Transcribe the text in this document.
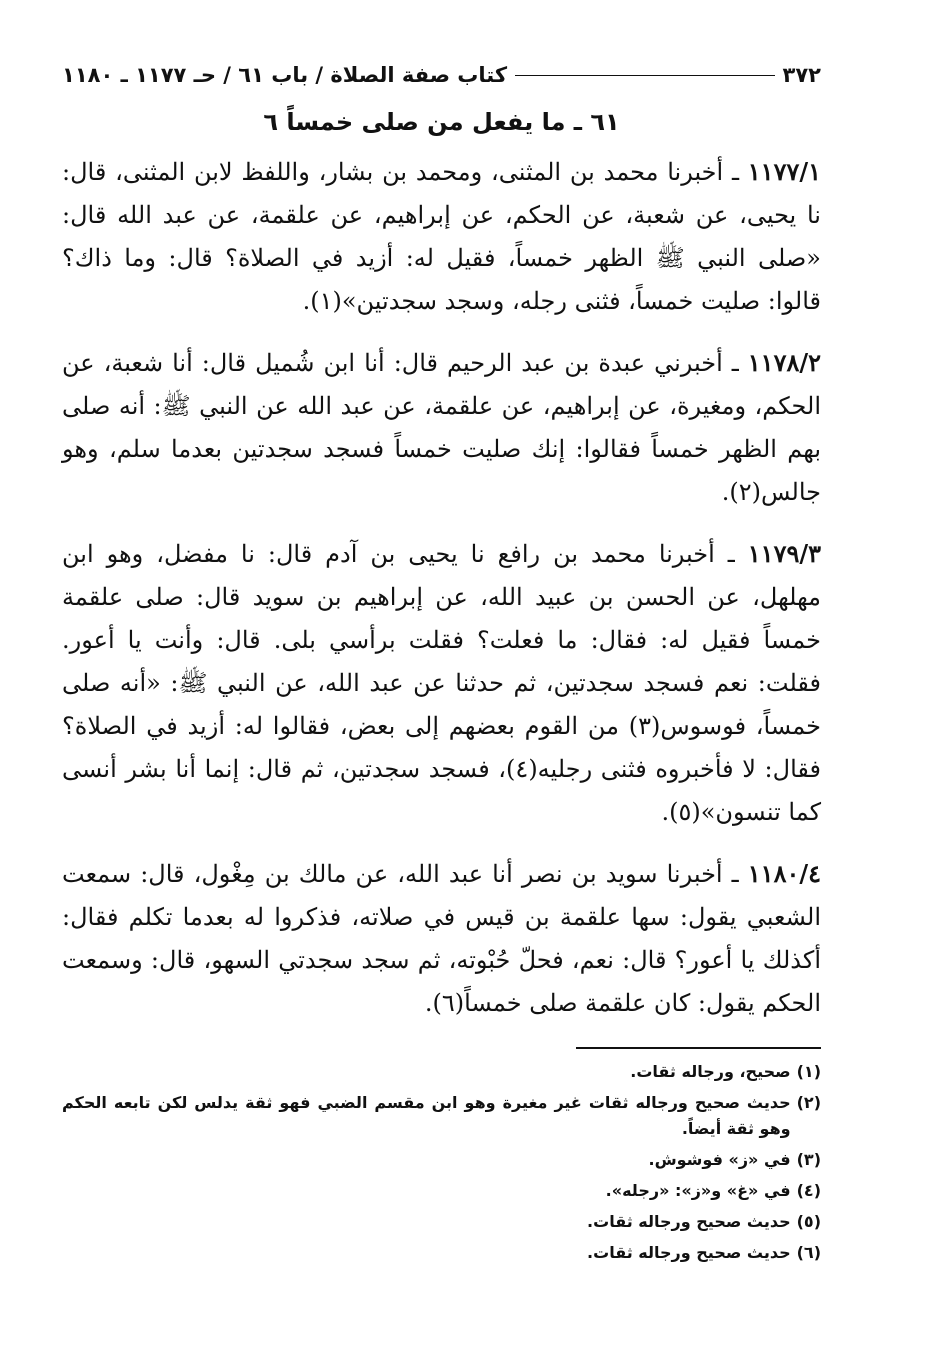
٣٧٢
كتاب صفة الصلاة / باب ٦١ / حـ ١١٧٧ ـ ١١٨٠
٦١ ـ ما يفعل من صلى خمساً ٦

١١٧٧/١ ـ أخبرنا محمد بن المثنى، ومحمد بن بشار، واللفظ لابن المثنى، قال: نا يحيى، عن شعبة، عن الحكم، عن إبراهيم، عن علقمة، عن عبد الله قال: «صلى النبي ﷺ الظهر خمساً، فقيل له: أزيد في الصلاة؟ قال: وما ذاك؟ قالوا: صليت خمساً، فثنى رجله، وسجد سجدتين»(١).

١١٧٨/٢ ـ أخبرني عبدة بن عبد الرحيم قال: أنا ابن شُميل قال: أنا شعبة، عن الحكم، ومغيرة، عن إبراهيم، عن علقمة، عن عبد الله عن النبي ﷺ: أنه صلى بهم الظهر خمساً فقالوا: إنك صليت خمساً فسجد سجدتين بعدما سلم، وهو جالس(٢).

١١٧٩/٣ ـ أخبرنا محمد بن رافع نا يحيى بن آدم قال: نا مفضل، وهو ابن مهلهل، عن الحسن بن عبيد الله، عن إبراهيم بن سويد قال: صلى علقمة خمساً فقيل له: فقال: ما فعلت؟ فقلت برأسي بلى. قال: وأنت يا أعور. فقلت: نعم فسجد سجدتين، ثم حدثنا عن عبد الله، عن النبي ﷺ: «أنه صلى خمساً، فوسوس(٣) من القوم بعضهم إلى بعض، فقالوا له: أزيد في الصلاة؟ فقال: لا فأخبروه فثنى رجليه(٤)، فسجد سجدتين، ثم قال: إنما أنا بشر أنسى كما تنسون»(٥).

١١٨٠/٤ ـ أخبرنا سويد بن نصر أنا عبد الله، عن مالك بن مِغْول، قال: سمعت الشعبي يقول: سها علقمة بن قيس في صلاته، فذكروا له بعدما تكلم فقال: أكذلك يا أعور؟ قال: نعم، فحلّ حُبْوته، ثم سجد سجدتي السهو، قال: وسمعت الحكم يقول: كان علقمة صلى خمساً(٦).

(١)
صحيح، ورجاله ثقات.
(٢)
حديث صحيح ورجاله ثقات غير مغيرة وهو ابن مقسم الضبي فهو ثقة يدلس لكن تابعه الحكم وهو ثقة أيضاً.
(٣)
في «ز» فوشوش.
(٤)
في «غ» و«ز»: «رجله».
(٥)
حديث صحيح ورجاله ثقات.
(٦)
حديث صحيح ورجاله ثقات.
